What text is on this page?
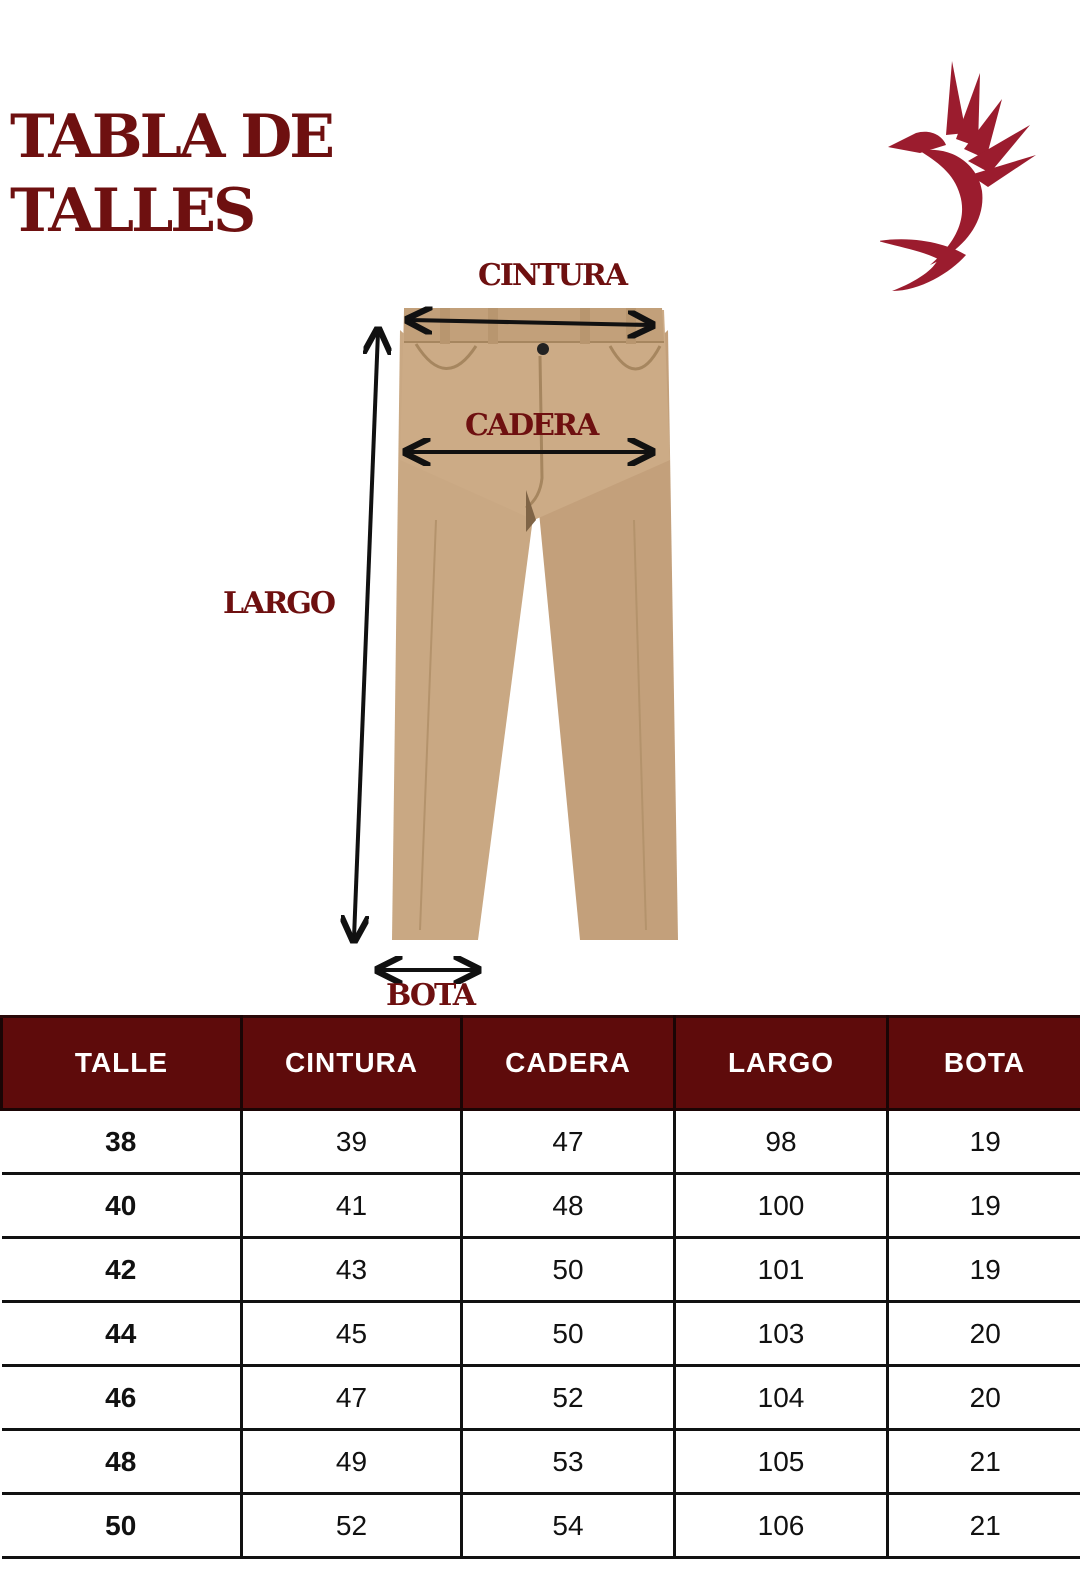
TABLA DE
TALLES

CINTURA

CADERA

LARGO

BOTA

TALLE	CINTURA	CADERA	LARGO	BOTA
38	39	47	98	19
40	41	48	100	19
42	43	50	101	19
44	45	50	103	20
46	47	52	104	20
48	49	53	105	21
50	52	54	106	21
